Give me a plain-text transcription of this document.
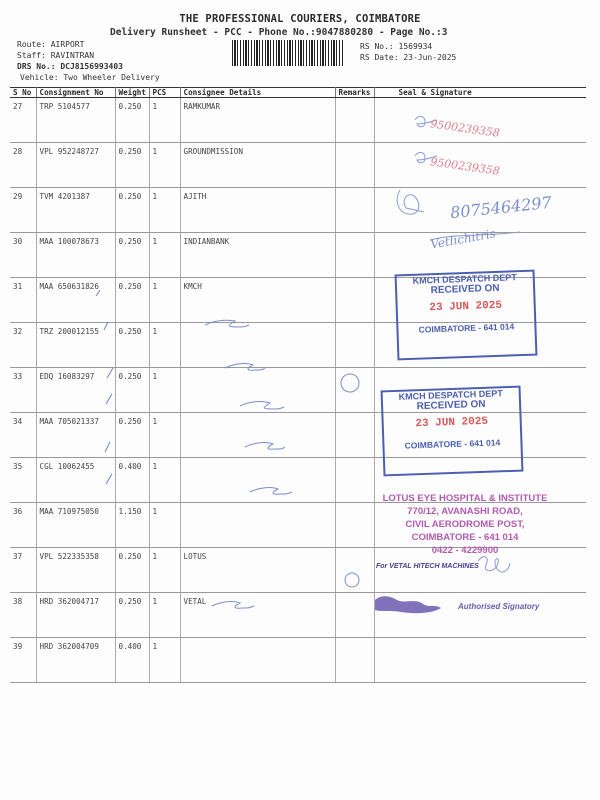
THE PROFESSIONAL COURIERS, COIMBATORE
Delivery Runsheet - PCC - Phone No.:9047880280 - Page No.:3
Route: AIRPORT
Staff: RAVINTRAN
DRS No.: DCJ8156993403
Vehicle: Two Wheeler Delivery
RS No.: 1569934
RS Date: 23-Jun-2025
S No	Consignment No	Weight	PCS	Consignee Details	Remarks	Seal & Signature
27	TRP 5104577	0.250	1	RAMKUMAR		
28	VPL 952248727	0.250	1	GROUNDMISSION		
29	TVM 4201387	0.250	1	AJITH		
30	MAA 100078673	0.250	1	INDIANBANK		
31	MAA 650631826	0.250	1	KMCH		
32	TRZ 200012155	0.250	1			
33	EDQ 16083297	0.250	1			
34	MAA 705021337	0.250	1			
35	CGL 10062455	0.400	1			
36	MAA 710975050	1.150	1			
37	VPL 522335358	0.250	1	LOTUS		
38	HRD 362004717	0.250	1	VETAL		
39	HRD 362004709	0.400	1			
9500239358
9500239358
8075464297
Vetlichitris
KMCH DESPATCH DEPT
RECEIVED ON
23 JUN 2025
COIMBATORE - 641 014
KMCH DESPATCH DEPT
RECEIVED ON
23 JUN 2025
COIMBATORE - 641 014
LOTUS EYE HOSPITAL & INSTITUTE
770/12, AVANASHI ROAD,
CIVIL AERODROME POST,
COIMBATORE - 641 014
0422 - 4229900
For VETAL HITECH MACHINES
Authorised Signatory
